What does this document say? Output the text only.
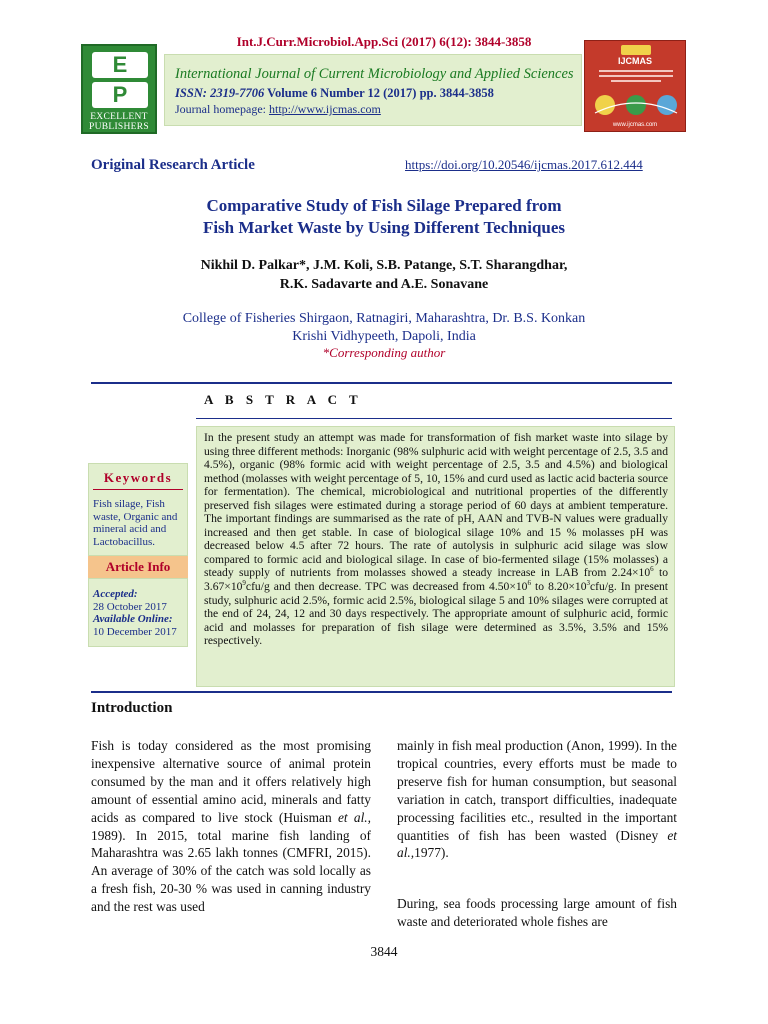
Int.J.Curr.Microbiol.App.Sci (2017) 6(12): 3844-3858
E
P
EXCELLENT
PUBLISHERS
International Journal of Current Microbiology and Applied Sciences
ISSN: 2319-7706 Volume 6 Number 12 (2017) pp. 3844-3858
Journal homepage: http://www.ijcmas.com
IJCMAS
www.ijcmas.com
Original Research Article	https://doi.org/10.20546/ijcmas.2017.612.444
Comparative Study of Fish Silage Prepared from
Fish Market Waste by Using Different Techniques
Nikhil D. Palkar*, J.M. Koli, S.B. Patange, S.T. Sharangdhar,
R.K. Sadavarte and A.E. Sonavane
College of Fisheries Shirgaon, Ratnagiri, Maharashtra, Dr. B.S. Konkan
Krishi Vidhypeeth, Dapoli, India
*Corresponding author
A B S T R A C T
In the present study an attempt was made for transformation of fish market waste into silage by using three different methods: Inorganic (98% sulphuric acid with weight percentage of 2.5, 3.5 and 4.5%), organic (98% formic acid with weight percentage of 2.5, 3.5 and 4.5%) and biological method (molasses with weight percentage of 5, 10, 15% and curd used as lactic acid bacteria source for fermentation). The chemical, microbiological and nutritional properties of the differently preserved fish silages were estimated during a storage period of 60 days at ambient temperature. The important findings are summarised as the rate of pH, AAN and TVB-N values were gradually increased and then get stable. In case of biological silage 10% and 15 % molasses pH was decreased below 4.5 after 72 hours. The rate of autolysis in sulphuric acid silage was slow compared to formic acid and biological silage. In case of bio-fermented silage (15% molasses) a steady supply of nutrients from molasses showed a steady increase in LAB from $2.24\times 10^6$ to $3.67\times 10^9cfu/g$ and then decrease. TPC was decreased from $4.50\times 10^6$ to $8.20\times 10^3cfu/g$. In present study, sulphuric acid 2.5%, formic acid 2.5%, biological silage 5 and 10% silages were corrupted at the end of 24, 24, 12 and 30 days respectively. The appropriate amount of sulphuric acid, formic acid and molasses for preparation of fish silage were determined as 3.5%, 3.5% and 15% respectively.
Keywords
Fish silage, Fish waste, Organic and mineral acid and Lactobacillus.
Article Info
Accepted:
28 October 2017
Available Online:
10 December 2017
Introduction
Fish is today considered as the most promising inexpensive alternative source of animal protein consumed by the man and it offers relatively high amount of essential amino acid, minerals and fatty acids as compared to live stock (Huisman et al., 1989). In 2015, total marine fish landing of Maharashtra was 2.65 lakh tonnes (CMFRI, 2015). An average of 30% of the catch was sold locally as a fresh fish, 20-30 % was used in canning industry and the rest was used
mainly in fish meal production (Anon, 1999). In the tropical countries, every efforts must be made to preserve fish for human consumption, but seasonal variation in catch, transport difficulties, inadequate processing facilities etc., resulted in the important quantities of fish has been wasted (Disney et al.,1977).
During, sea foods processing large amount of fish waste and deteriorated whole fishes are
3844
